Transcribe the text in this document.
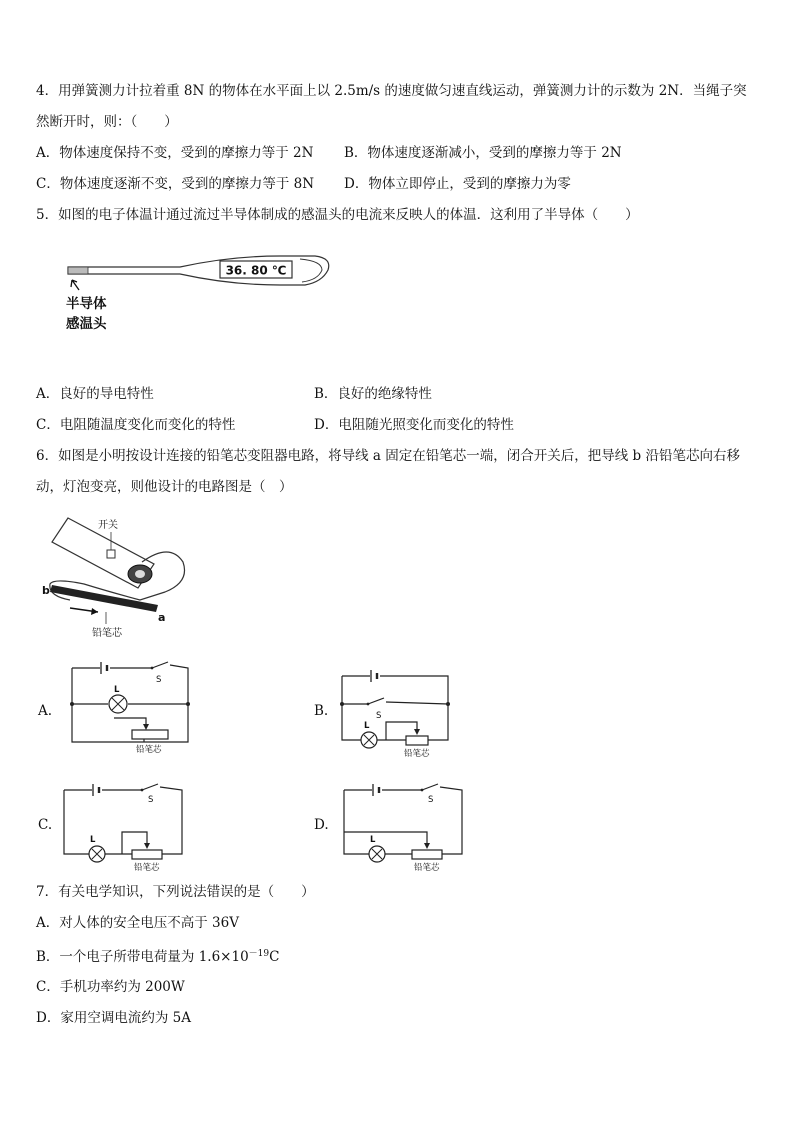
4．用弹簧测力计拉着重 8N 的物体在水平面上以 2.5m/s 的速度做匀速直线运动，弹簧测力计的示数为 2N．当绳子突
然断开时，则：（　　）
A．物体速度保持不变，受到的摩擦力等于 2N B．物体速度逐渐减小，受到的摩擦力等于 2N
C．物体速度逐渐不变，受到的摩擦力等于 8N D．物体立即停止，受到的摩擦力为零
5．如图的电子体温计通过流过半导体制成的感温头的电流来反映人的体温．这利用了半导体（　　）
36. 80 ℃
半导体
感温头
A．良好的导电特性	B．良好的绝缘特性
C．电阻随温度变化而变化的特性	D．电阻随光照变化而变化的特性
6．如图是小明按设计连接的铅笔芯变阻器电路，将导线 a 固定在铅笔芯一端，闭合开关后，把导线 b 沿铅笔芯向右移
动，灯泡变亮，则他设计的电路图是（　）
开关
b
a
铅笔芯
A.
S
L
铅笔芯
B.	S
L
铅笔芯
C.
S
L
铅笔芯
D.
S
L
铅笔芯
7．有关电学知识，下列说法错误的是（　　）
A．对人体的安全电压不高于 36V
B．一个电子所带电荷量为 $1.6\times 10^{-19}C$
C．手机功率约为 200W
D．家用空调电流约为 5A
